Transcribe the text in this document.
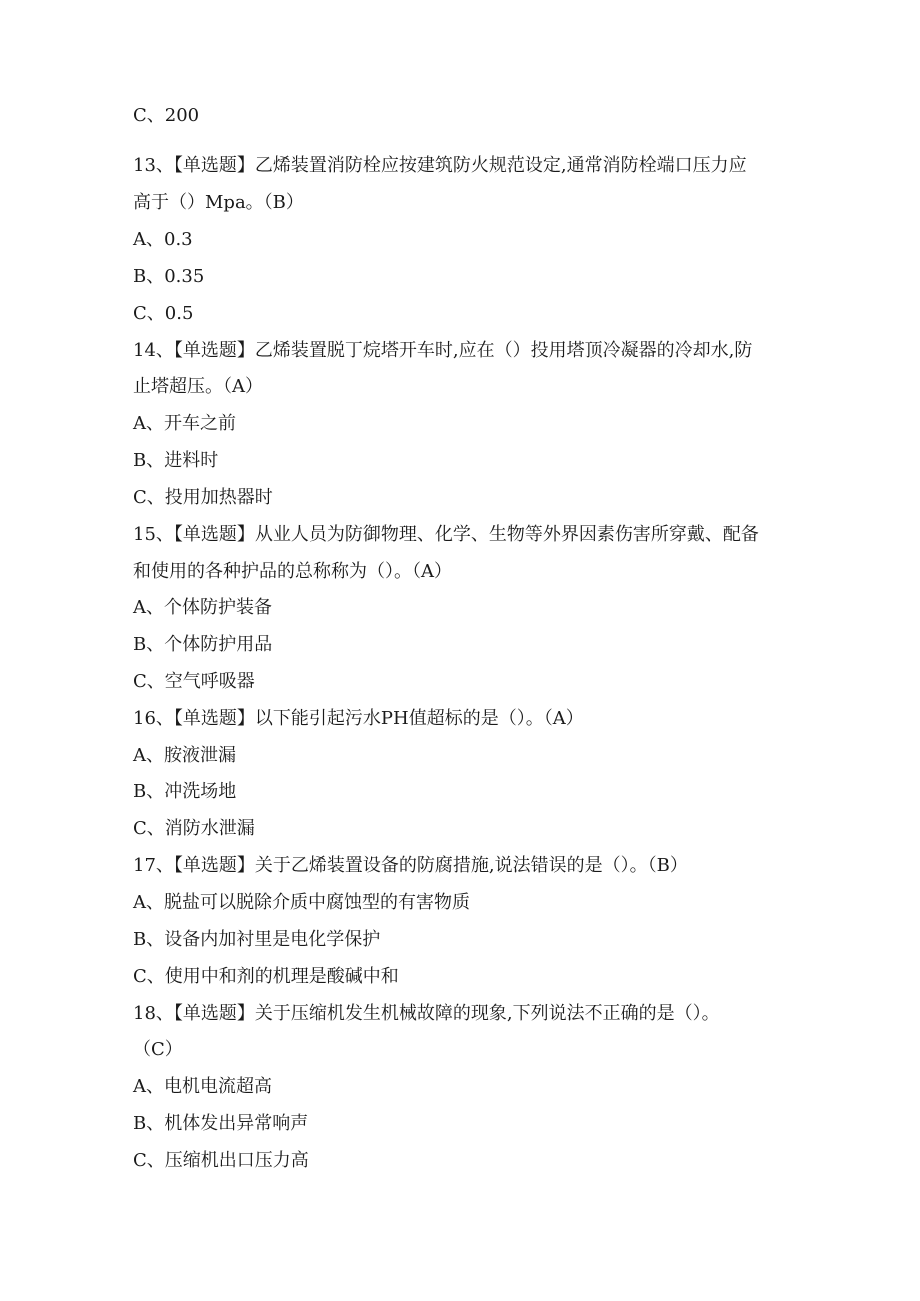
C、200
13、【单选题】乙烯装置消防栓应按建筑防火规范设定,通常消防栓端口压力应
高于（）Mpa。（B）
A、0.3
B、0.35
C、0.5
14、【单选题】乙烯装置脱丁烷塔开车时,应在（）投用塔顶冷凝器的冷却水,防
止塔超压。（A）
A、开车之前
B、进料时
C、投用加热器时
15、【单选题】从业人员为防御物理、化学、生物等外界因素伤害所穿戴、配备
和使用的各种护品的总称称为（）。（A）
A、个体防护装备
B、个体防护用品
C、空气呼吸器
16、【单选题】以下能引起污水PH值超标的是（）。（A）
A、胺液泄漏
B、冲洗场地
C、消防水泄漏
17、【单选题】关于乙烯装置设备的防腐措施,说法错误的是（）。（B）
A、脱盐可以脱除介质中腐蚀型的有害物质
B、设备内加衬里是电化学保护
C、使用中和剂的机理是酸碱中和
18、【单选题】关于压缩机发生机械故障的现象,下列说法不正确的是（）。
（C）
A、电机电流超高
B、机体发出异常响声
C、压缩机出口压力高
